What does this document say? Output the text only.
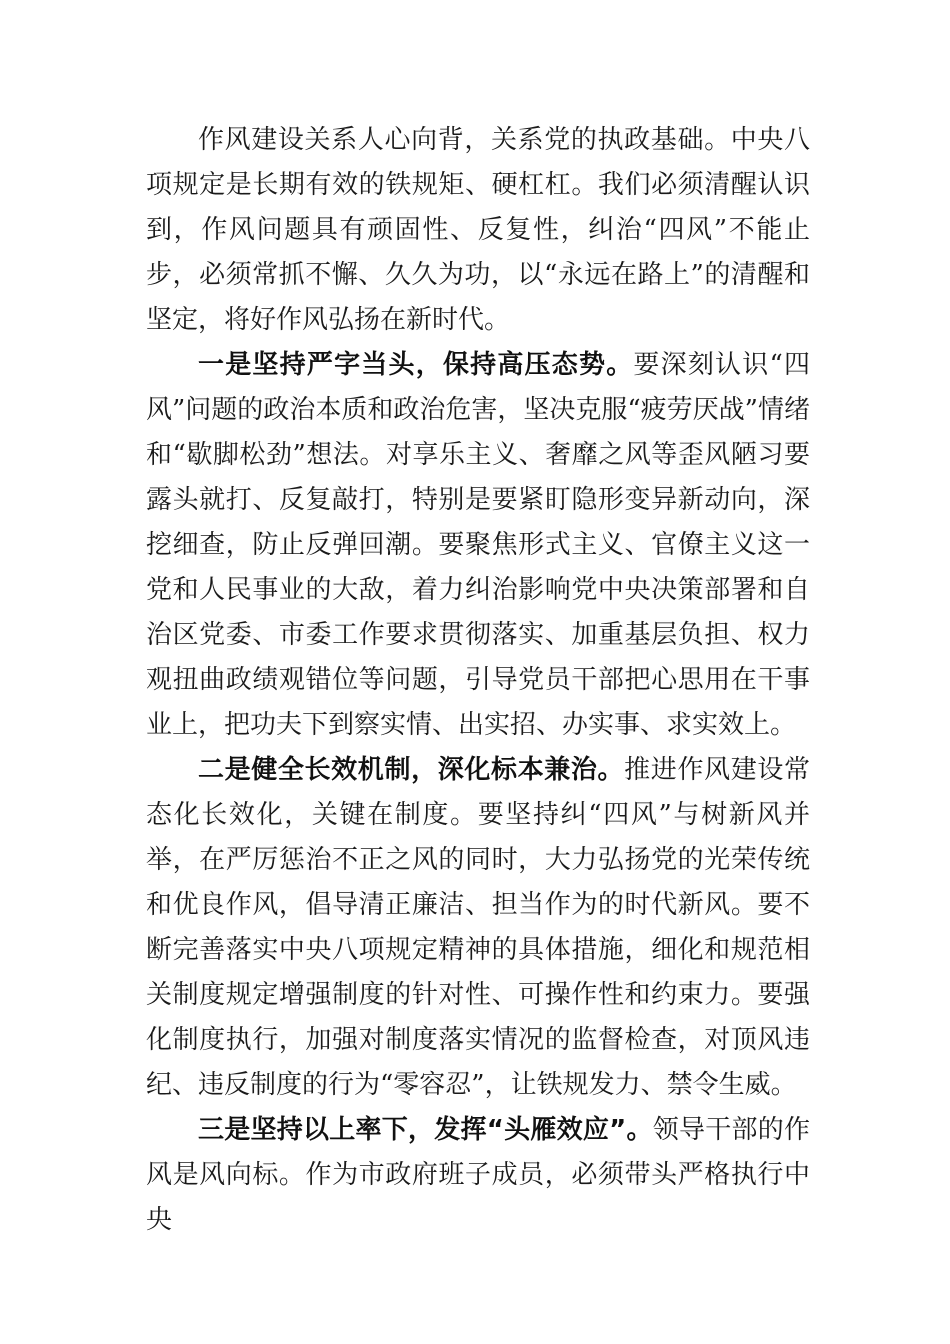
作风建设关系人心向背，关系党的执政基础。中央八项规定是长期有效的铁规矩、硬杠杠。我们必须清醒认识到，作风问题具有顽固性、反复性，纠治“四风”不能止步，必须常抓不懈、久久为功，以“永远在路上”的清醒和坚定，将好作风弘扬在新时代。

一是坚持严字当头，保持高压态势。要深刻认识“四风”问题的政治本质和政治危害，坚决克服“疲劳厌战”情绪和“歇脚松劲”想法。对享乐主义、奢靡之风等歪风陋习要露头就打、反复敲打，特别是要紧盯隐形变异新动向，深挖细查，防止反弹回潮。要聚焦形式主义、官僚主义这一党和人民事业的大敌，着力纠治影响党中央决策部署和自治区党委、市委工作要求贯彻落实、加重基层负担、权力观扭曲政绩观错位等问题，引导党员干部把心思用在干事业上，把功夫下到察实情、出实招、办实事、求实效上。

二是健全长效机制，深化标本兼治。推进作风建设常态化长效化，关键在制度。要坚持纠“四风”与树新风并举，在严厉惩治不正之风的同时，大力弘扬党的光荣传统和优良作风，倡导清正廉洁、担当作为的时代新风。要不断完善落实中央八项规定精神的具体措施，细化和规范相关制度规定增强制度的针对性、可操作性和约束力。要强化制度执行，加强对制度落实情况的监督检查，对顶风违纪、违反制度的行为“零容忍”，让铁规发力、禁令生威。

三是坚持以上率下，发挥“头雁效应”。领导干部的作风是风向标。作为市政府班子成员，必须带头严格执行中央
